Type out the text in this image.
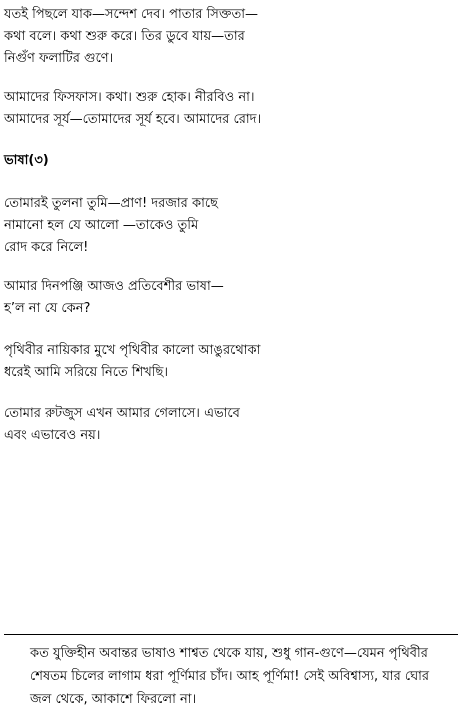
যতই পিছলে যাক—সন্দেশ দেব। পাতার সিক্ততা—
কথা বলে। কথা শুরু করে। তির ডুবে যায়—তার
নিগুঁণ ফলাটির গুণে।
আমাদের ফিসফাস। কথা। শুরু হোক। নীরবিও না।
আমাদের সূর্য—তোমাদের সূর্য হবে। আমাদের রোদ।
ভাষা(৩)
তোমারই তুলনা তুমি—প্রাণ! দরজার কাছে
নামানো হল যে আলো —তাকেও তুমি
রোদ করে নিলে!
আমার দিনপঞ্জি আজও প্রতিবেশীর ভাষা—
হ’ল না যে কেন?
পৃথিবীর নায়িকার মুখে পৃথিবীর কালো আঙুরথোকা
ধরেই আমি সরিয়ে নিতে শিখছি।
তোমার রুটজুস এখন আমার গেলাসে। এভাবে
এবং এভাবেও নয়।
কত যুক্তিহীন অবান্তর ভাষাও শাশ্বত থেকে যায়, শুধু গান-গুণে—যেমন পৃথিবীর
শেষতম চিলের লাগাম ধরা পূর্ণিমার চাঁদ। আহ পূর্ণিমা! সেই অবিশ্বাস্য, যার ঘোর
জল থেকে, আকাশে ফিরলো না।
